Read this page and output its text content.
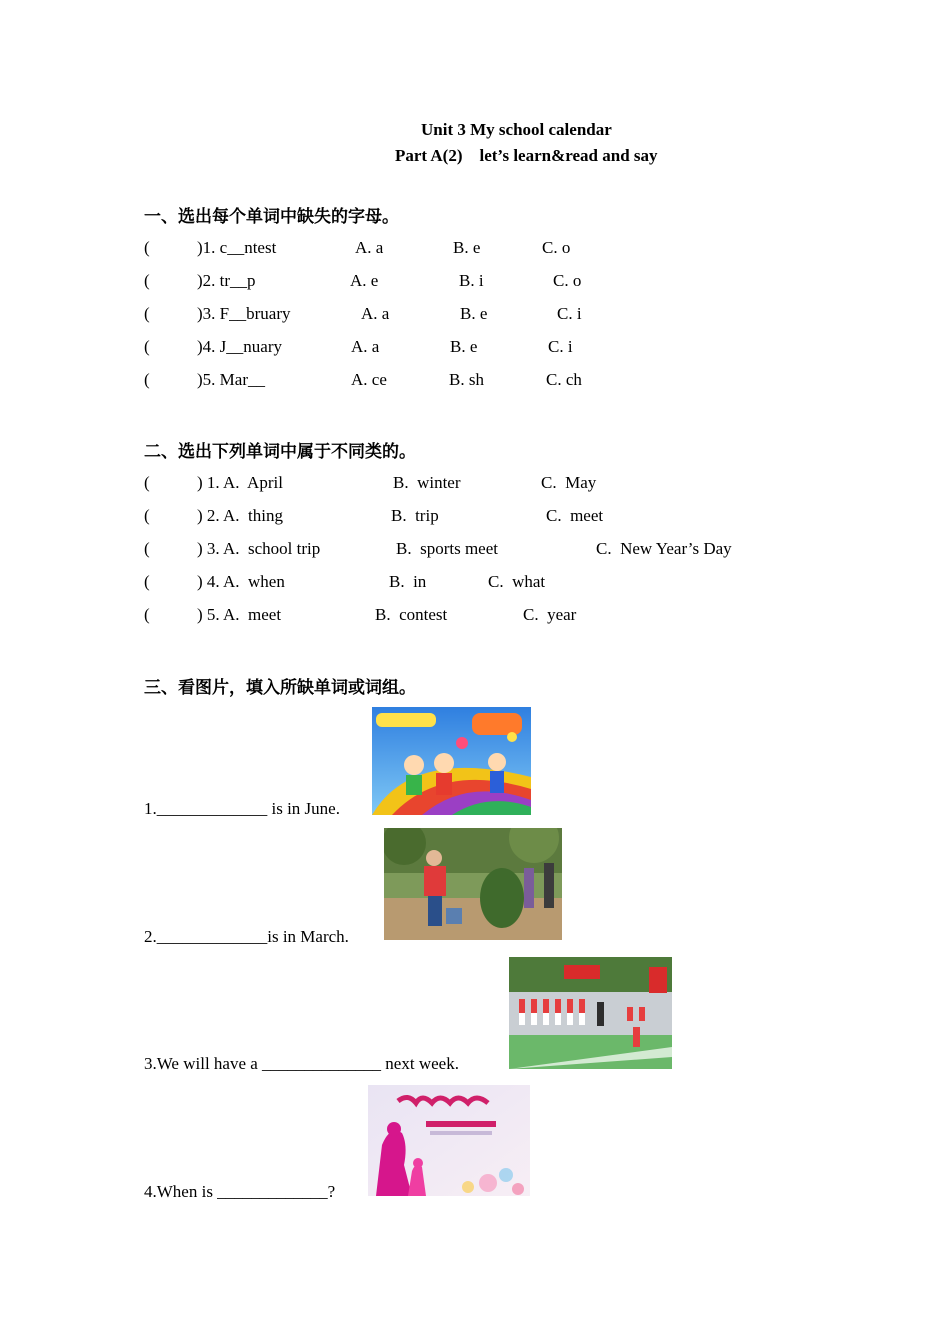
Unit 3 My school calendar
Part A(2)    let’s learn&read and say
一、选出每个单词中缺失的字母。
(	)1. c__ntest	A. a	B. e	C. o
(	)2. tr__p	A. e	B. i	C. o
(	)3. F__bruary	A. a	B. e	C. i
(	)4. J__nuary	A. a	B. e	C. i
(	)5. Mar__	A. ce	B. sh	C. ch
二、选出下列单词中属于不同类的。
(	) 1. A.  April	B.  winter	C.  May
(	) 2. A.  thing	B.  trip	C.  meet
(	) 3. A.  school trip	B.  sports meet	C.  New Year’s Day
(	) 4. A.  when	B.  in	C.  what
(	) 5. A.  meet	B.  contest	C.  year
三、看图片，填入所缺单词或词组。
1._____________ is in June.
2._____________is in March.
3.We will have a ______________ next week.
4.When is _____________?
